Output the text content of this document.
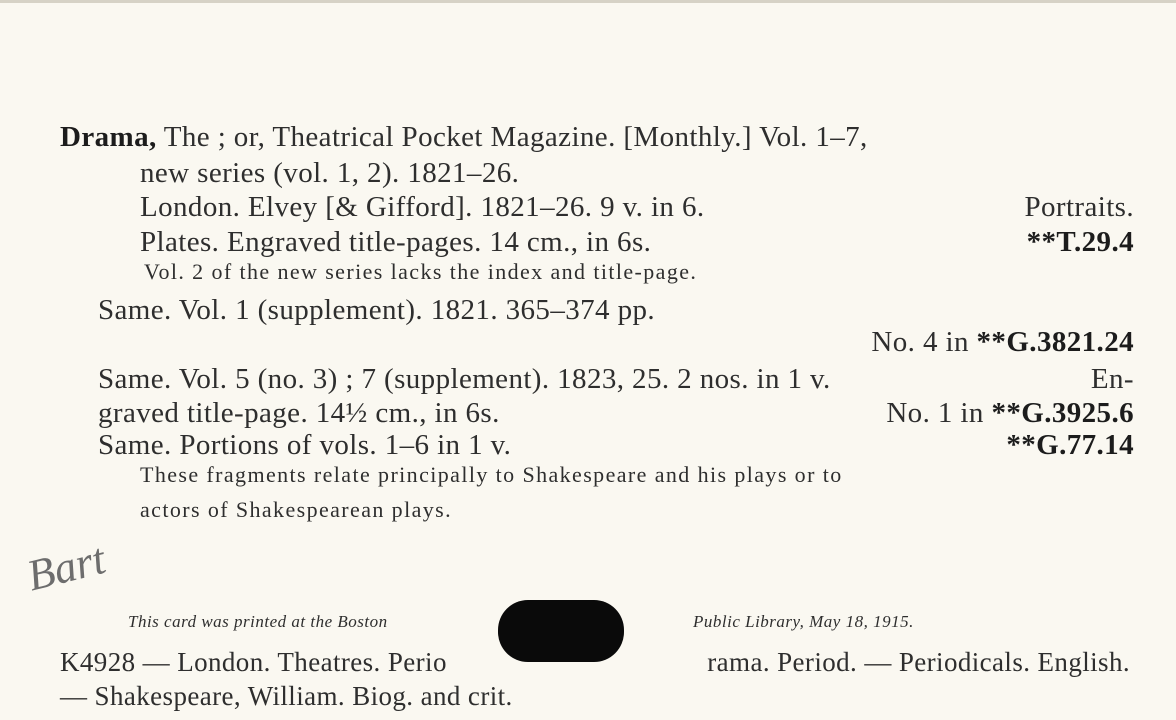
Drama, The ; or, Theatrical Pocket Magazine. [Monthly.] Vol. 1–7,
new series (vol. 1, 2). 1821–26.
London. Elvey [& Gifford]. 1821–26. 9 v. in 6.	Portraits.
Plates. Engraved title-pages. 14 cm., in 6s.	**T.29.4
Vol. 2 of the new series lacks the index and title-page.
Same. Vol. 1 (supplement). 1821. 365–374 pp.
No. 4 in **G.3821.24
Same. Vol. 5 (no. 3) ; 7 (supplement). 1823, 25. 2 nos. in 1 v.	En-
graved title-page. 14½ cm., in 6s.	No. 1 in **G.3925.6
Same. Portions of vols. 1–6 in 1 v.	**G.77.14
These fragments relate principally to Shakespeare and his plays or to
actors of Shakespearean plays.
Bart
This card was printed at the Boston	Public Library, May 18, 1915.
K4928 — London. Theatres. Perio	rama. Period. — Periodicals. English.
— Shakespeare, William. Biog. and crit.
